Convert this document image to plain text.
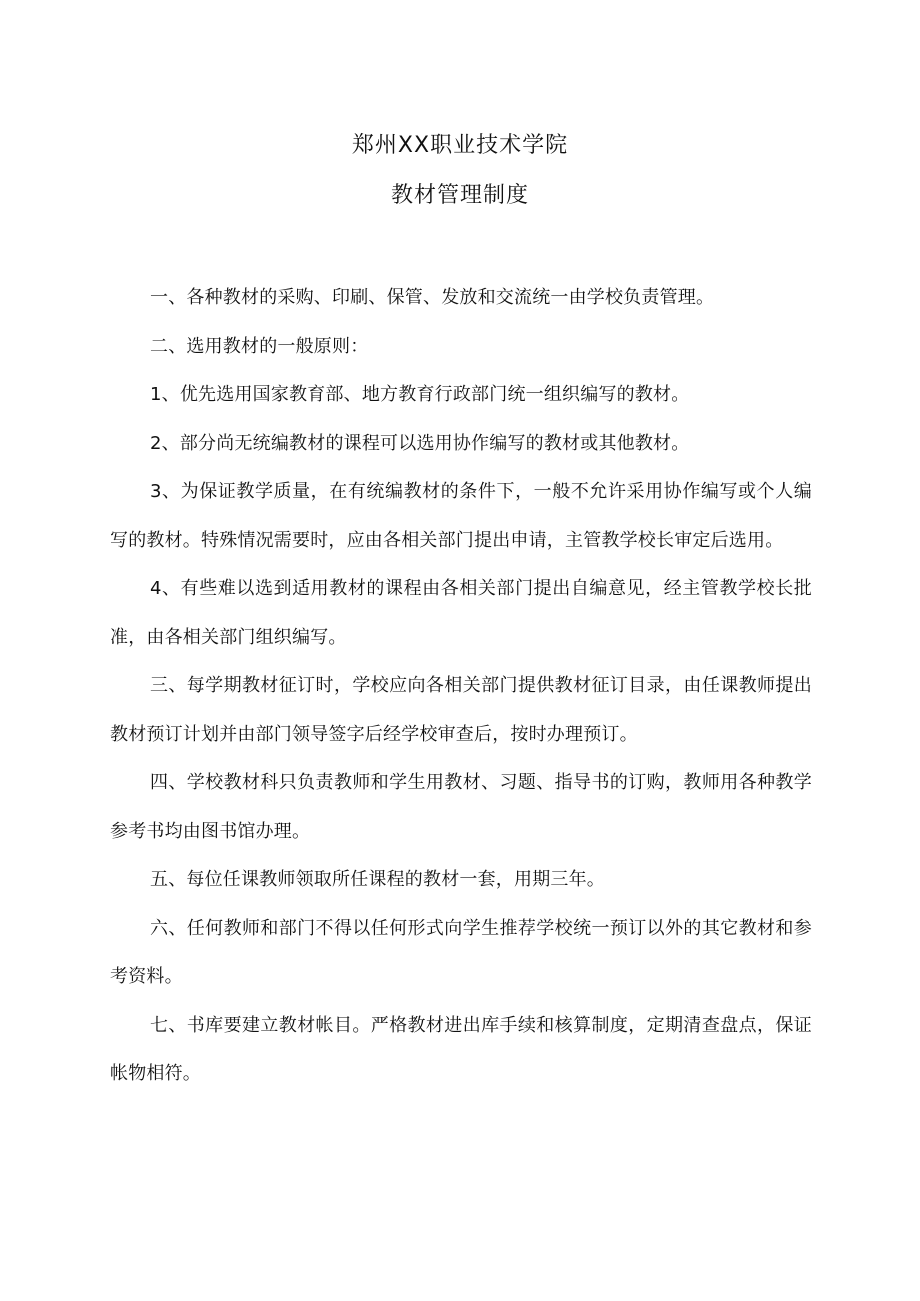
郑州XX职业技术学院
教材管理制度

一、各种教材的采购、印刷、保管、发放和交流统一由学校负责管理。

二、选用教材的一般原则：

1、优先选用国家教育部、地方教育行政部门统一组织编写的教材。

2、部分尚无统编教材的课程可以选用协作编写的教材或其他教材。

3、为保证教学质量，在有统编教材的条件下，一般不允许采用协作编写或个人编写的教材。特殊情况需要时，应由各相关部门提出申请，主管教学校长审定后选用。

4、有些难以选到适用教材的课程由各相关部门提出自编意见，经主管教学校长批准，由各相关部门组织编写。

三、每学期教材征订时，学校应向各相关部门提供教材征订目录，由任课教师提出教材预订计划并由部门领导签字后经学校审查后，按时办理预订。

四、学校教材科只负责教师和学生用教材、习题、指导书的订购，教师用各种教学参考书均由图书馆办理。

五、每位任课教师领取所任课程的教材一套，用期三年。

六、任何教师和部门不得以任何形式向学生推荐学校统一预订以外的其它教材和参考资料。

七、书库要建立教材帐目。严格教材进出库手续和核算制度，定期清查盘点，保证帐物相符。
